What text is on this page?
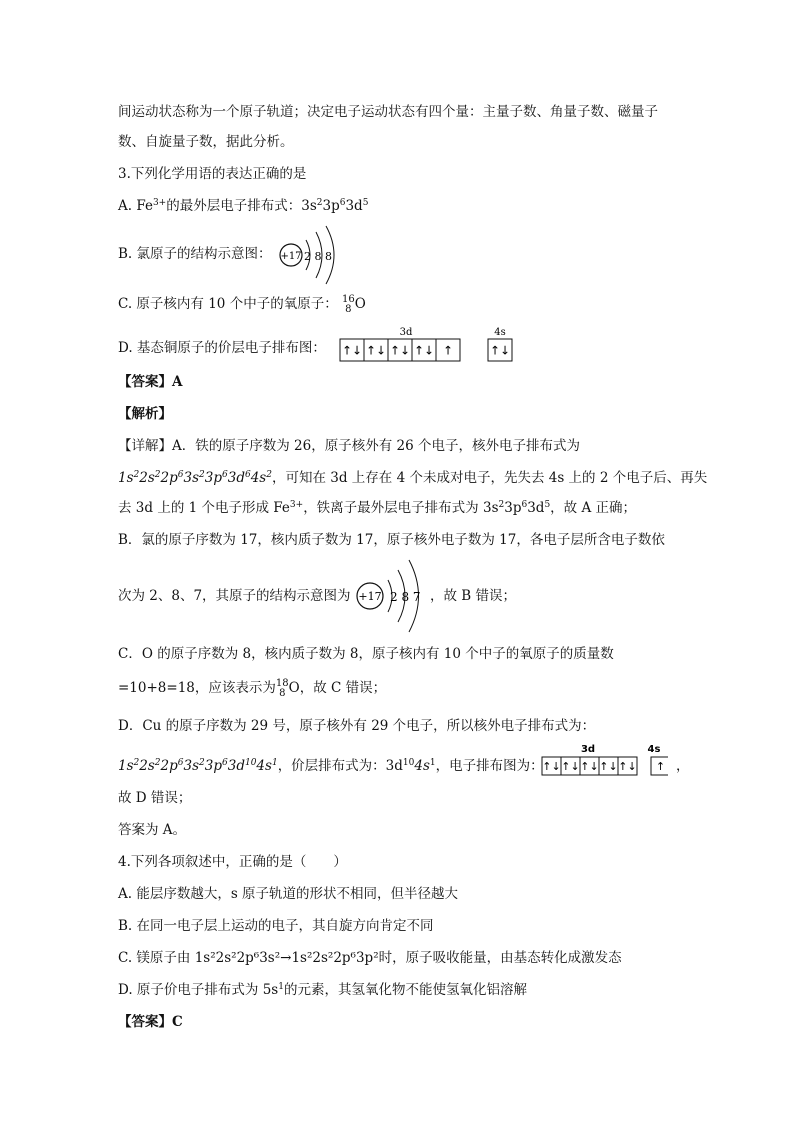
间运动状态称为一个原子轨道；决定电子运动状态有四个量：主量子数、角量子数、磁量子
数、自旋量子数，据此分析。
3.下列化学用语的表达正确的是
A. $Fe^{3+}$的最外层电子排布式：$3s^23p^63d^5$
B. 氯原子的结构示意图： +17 2 8 8
C. 原子核内有 10 个中子的氧原子： 16
8 O
D. 基态铜原子的价层电子排布图：
3d	4s
↑↓ ↑↓ ↑↓ ↑↓ ↑	↑↓
【答案】A
【解析】
【详解】A．铁的原子序数为 26，原子核外有 26 个电子，核外电子排布式为
$1s^22s^22p^63s^23p^63d^64s^2$，可知在 3d 上存在 4 个未成对电子，先失去 4s 上的 2 个电子后、再失
去 3d 上的 1 个电子形成 $Fe^{3+}$，铁离子最外层电子排布式为 $3s^23p^63d^5$，故 A 正确；
B．氯的原子序数为 17，核内质子数为 17，原子核外电子数为 17，各电子层所含电子数依
次为 2、8、7，其原子的结构示意图为 +17 2 8 7 ，故 B 错误；
C．O 的原子序数为 8，核内质子数为 8，原子核内有 10 个中子的氧原子的质量数
=10+8=18，应该表示为18
8 O，故 C 错误；
D．Cu 的原子序数为 29 号，原子核外有 29 个电子，所以核外电子排布式为：
$1s^22s^22p^63s^23p^63d^{10}4s^1$，价层排布式为：$3d^{10}4s^1$，电子排布图为：
3d	4s
↑↓ ↑↓ ↑↓ ↑↓ ↑↓ ↑ ，
故 D 错误；
答案为 A。
4.下列各项叙述中，正确的是（　　）
A. 能层序数越大，s 原子轨道的形状不相同，但半径越大
B. 在同一电子层上运动的电子，其自旋方向肯定不同
C. 镁原子由 1s²2s²2p⁶3s²→1s²2s²2p⁶3p²时，原子吸收能量，由基态转化成激发态
D. 原子价电子排布式为 $5s^1$的元素，其氢氧化物不能使氢氧化铝溶解
【答案】C
